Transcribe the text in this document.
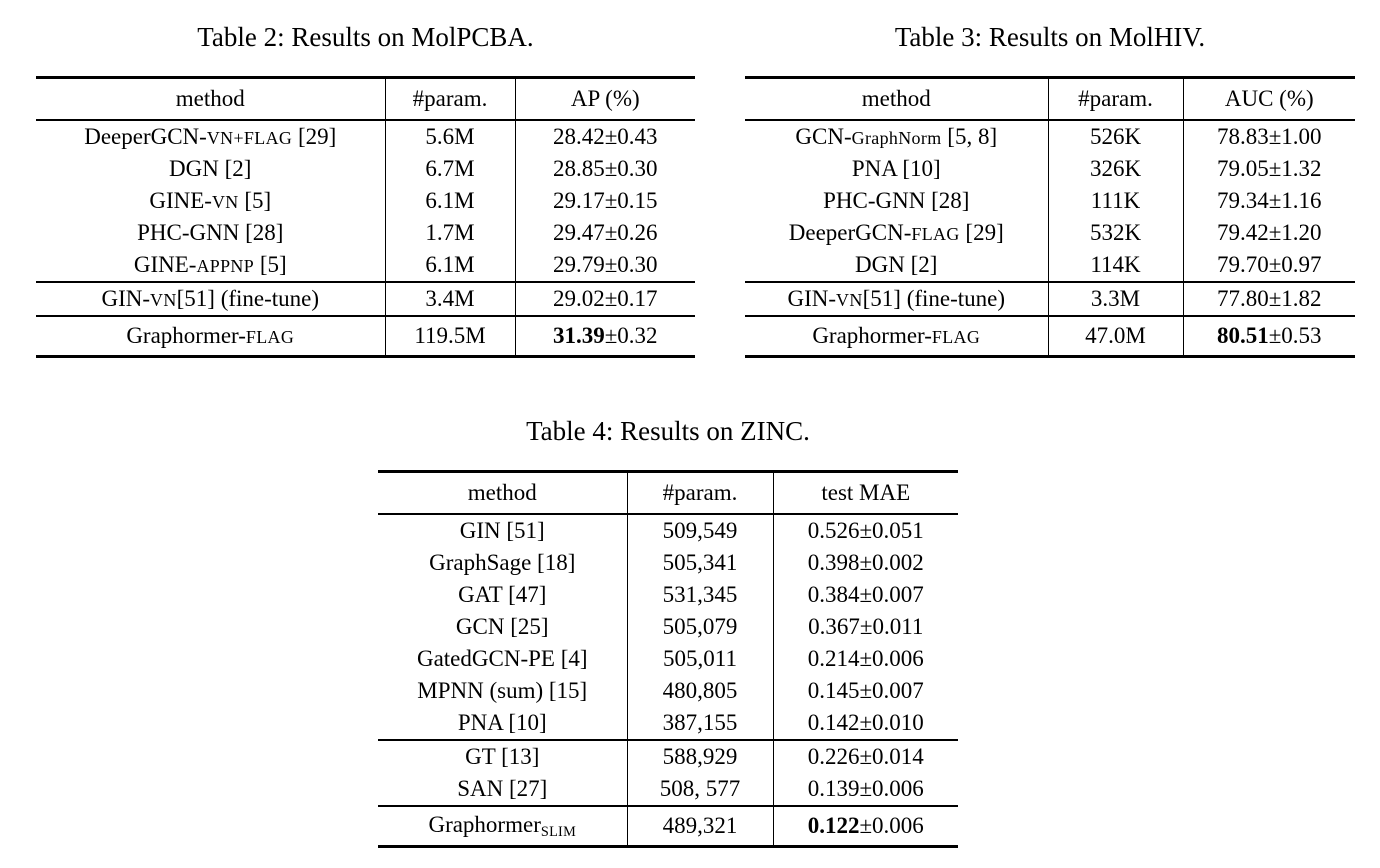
Table 2: Results on MolPCBA.
method	#param.	AP (%)
DeeperGCN-VN+FLAG [29]	5.6M	28.42±0.43
DGN [2]	6.7M	28.85±0.30
GINE-VN [5]	6.1M	29.17±0.15
PHC-GNN [28]	1.7M	29.47±0.26
GINE-APPNP [5]	6.1M	29.79±0.30
GIN-VN[51] (fine-tune)	3.4M	29.02±0.17
Graphormer-FLAG	119.5M	31.39±0.32
Table 3: Results on MolHIV.
method	#param.	AUC (%)
GCN-GraphNorm [5, 8]	526K	78.83±1.00
PNA [10]	326K	79.05±1.32
PHC-GNN [28]	111K	79.34±1.16
DeeperGCN-FLAG [29]	532K	79.42±1.20
DGN [2]	114K	79.70±0.97
GIN-VN[51] (fine-tune)	3.3M	77.80±1.82
Graphormer-FLAG	47.0M	80.51±0.53
Table 4: Results on ZINC.
method	#param.	test MAE
GIN [51]	509,549	0.526±0.051
GraphSage [18]	505,341	0.398±0.002
GAT [47]	531,345	0.384±0.007
GCN [25]	505,079	0.367±0.011
GatedGCN-PE [4]	505,011	0.214±0.006
MPNN (sum) [15]	480,805	0.145±0.007
PNA [10]	387,155	0.142±0.010
GT [13]	588,929	0.226±0.014
SAN [27]	508, 577	0.139±0.006
Graphormer$_{SLIM}$	489,321	0.122±0.006
